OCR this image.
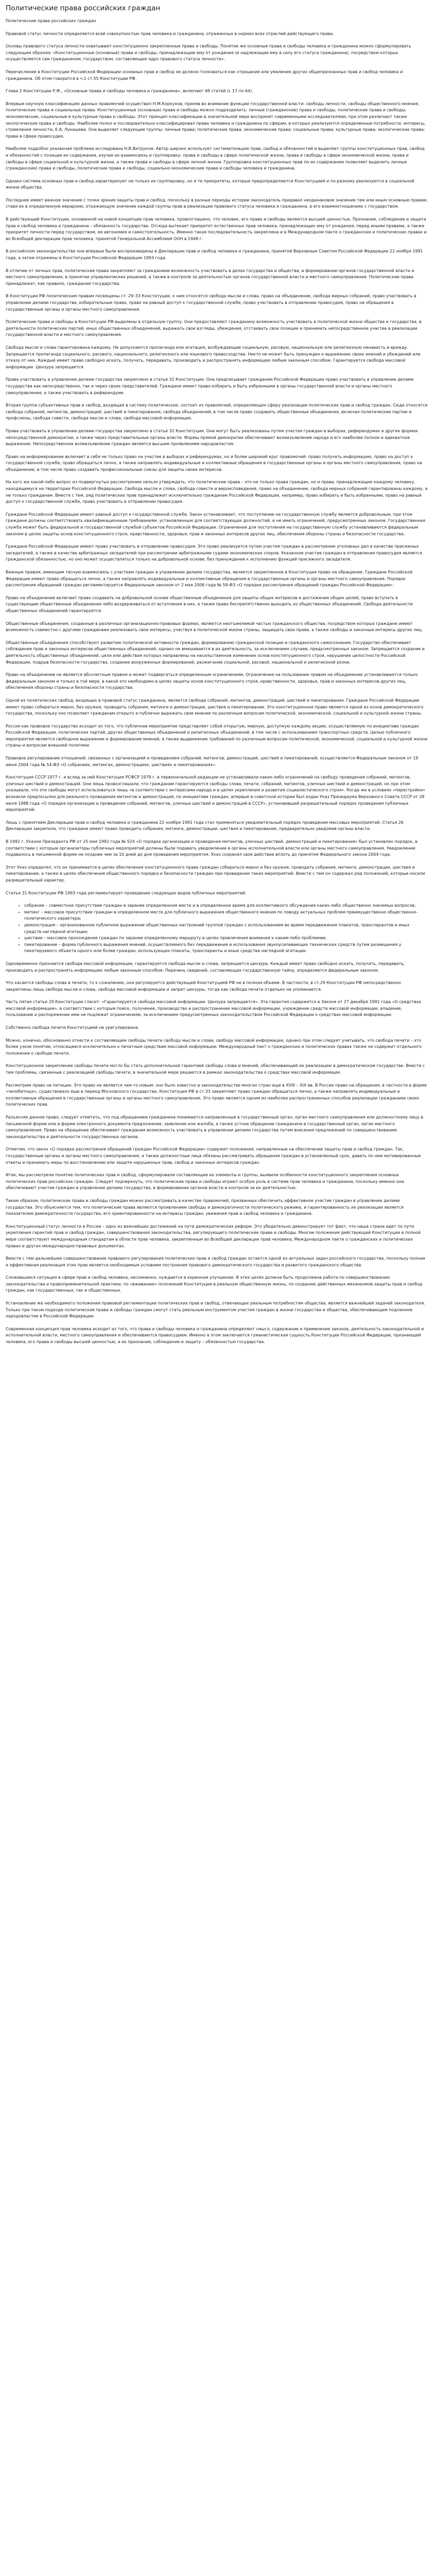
Политические права российских граждан

Политические права российских граждан

Правовой статус личности определяется всей совокупностью прав человека и гражданина, отраженных в нормах всех отраслей действующего права.

Основы правового статуса личности охватывают конституционно закрепленные права и свободы. Понятие же основные права и свободы человека и гражданина можно сформулировать следующим образом: «Конституционные (основные) права и свободы, принадлежащие ему от рождения (и надлежащие ему в силу его статуса гражданина), посредством которых осуществляется сам гражданином, государством, составляющие ядро правового статуса личности».

Перечисление в Конституции Российской Федерации основных прав и свобод не должно толковаться как отрицание или умаление других общепризнанных прав и свобод человека и гражданина. Об этом говорится в ч.1 ст.55 Конституции РФ.

Глава 2 Конституции Р.Ф., «Основные права и свободы человека и гражданина», включает 48 статей (с 17 по 64).

Впервые научную классификацию данных правомочий осуществил Н.М.Коркунов, приняв во внимание функции государственной власти: свободы личности, свободы общественного мнения, политические права и социальные права. Конституционные (основные) права и свободы можно подразделить: личные (гражданские) права и свободы; политические права и свободы; экономические, социальные и культурные права и свободы. Этот принцип классификации в значительной мере воспринят современными исследователями; при этом различают также экологические права и свободы. Наиболее полно и последовательно классифицировал права человека и гражданина по сферам, в которых реализуются определенные потребности, интересы, стремления личности, Е.А. Лукашева. Она выделяет следующие группы: личные права; политические права; экономические права; социальные права; культурные права; экологические права; права в сфере правосудия.

Наиболее подробно указанная проблема исследована Н.В.Витруком. Автор широко использует систематизацию прав, свобод и обязанностей и выделяет группы конституционных прав, свобод и обязанностей с позиции их содержания, изучая их взаимосвязь и группировку: права и свободы в сфере политической жизни, права и свободы в сфере экономической жизни, права и свободы в сфере социальной и культурной жизни, а также права и свободы в сфере личной жизни. Группировка конституционных прав по их содержанию позволяет выделить личные (гражданские) права и свободы, политические права и свободы, социально-экономические права и свободы человека и гражданина.

Однако система основных прав и свобод характеризует не только их группировку, но и те приоритеты, которые предопределяются Конституцией и по-разному реализуются в социальной жизни общества.

Последнее имеет важное значение с точки зрения защиты прав и свобод, поскольку в разные периоды истории законодатель придавал неодинаковое значение тем или иным основным правам, ставя их в определенную иерархию, отражающую значение каждой группы прав в реализации правового статуса человека и гражданина, в его взаимоотношениях с государством.

В действующей Конституции, основанной на новой концепции прав человека, провозглашено, что человек, его права и свободы являются высшей ценностью. Признание, соблюдение и защита прав и свобод человека и гражданина – обязанность государства. Отсюда вытекает приоритет естественных прав человека, принадлежащих ему от рождения, перед иными правами, а также приоритет личности перед государством, ее автономия и самостоятельность. Именно такая последовательность закреплена и в Международном пакте о гражданских и политических правах и во Всеобщей декларации прав человека, принятой Генеральной Ассамблеей ООН в 1948 г.

В российском законодательстве они впервые были воспроизведены в Декларации прав и свобод человека и гражданина, принятой Верховным Советом Российской Федерации 22 ноября 1991 года, а затем отражены в Конституции Российской Федерации 1993 года.

В отличие от личных прав, политические права закрепляют за гражданами возможность участвовать в делах государства и общества, в формировании органов государственной власти и местного самоуправления, в принятии управленческих решений, а также в контроле за деятельностью органов государственной власти и местного самоуправления. Политические права принадлежат, как правило, гражданам государства.

В Конституции РФ политическим правам посвящены ст. 29–33 Конституции, к ним относятся свобода мысли и слова, право на объединение, свобода мирных собраний, право участвовать в управлении делами государства, избирательные права, право на равный доступ к государственной службе, право участвовать в отправлении правосудия, право на обращения в государственные органы и органы местного самоуправления.

Политические права и свободы в Конституции РФ выделены в отдельную группу. Они предоставляют гражданину возможность участвовать в политической жизни общества и государства, в деятельности политических партий, иных общественных объединений, выражать свои взгляды, убеждения, отстаивать свои позиции и принимать непосредственное участие в реализации государственной власти и местного самоуправления.

Свобода мысли и слова гарантирована каждому. Не допускаются пропаганда или агитация, возбуждающие социальную, расовую, национальную или религиозную ненависть и вражду. Запрещается пропаганда социального, расового, национального, религиозного или языкового превосходства. Никто не может быть принужден к выражению своих мнений и убеждений или отказу от них. Каждый имеет право свободно искать, получать, передавать, производить и распространять информацию любым законным способом. Гарантируется свобода массовой информации. Цензура запрещается.

Права участвовать в управлении делами государства закреплено в статье 32 Конституции. Она предписывает гражданам Российской Федерации право участвовать в управлении делами государства как непосредственно, так и через своих представителей. Граждане имеют право избирать и быть избранными в органы государственной власти и органы местного самоуправления, а также участвовать в референдуме.

Вторая группа субъективных прав и свобод, входящая в систему политических, состоит из правомочий, определяющих сферу реализации политических прав и свобод граждан. Сюда относятся свобода собраний, митингов, демонстраций, шествий и пикетирования, свобода объединений, в том числе право создавать общественные объединения, включая политические партии и профсоюзы, свобода совести, свобода мысли и слова, свобода массовой информации.

Права участвовать в управлении делами государства закреплено в статье 32 Конституции. Они могут быть реализованы путем участия граждан в выборах, референдумах и других формах непосредственной демократии, а также через представительные органы власти. Формы прямой демократии обеспечивают волеизъявление народа и его наиболее полное и адекватное выражение. Непосредственное волеизъявление граждан является высшим проявлением народовластия.

Право на информирование включает в себя не только право на участие в выборах и референдумах, но и более широкий круг правомочий: право получать информацию, право на доступ к государственной службе, право обращаться лично, а также направлять индивидуальные и коллективные обращения в государственные органы и органы местного самоуправления, право на объединение, в том числе право создавать профессиональные союзы для защиты своих интересов.

На кого же какой-либо вопрос из подвергнутых рассмотрению нельзя утверждать, что политические права – это не только права граждан, но и права, принадлежащие каждому человеку, находящемуся на территории Российской Федерации. Свобода мысли и слова, свобода совести и вероисповедания, право на объединение, свобода мирных собраний гарантированы каждому, а не только гражданам. Вместе с тем, ряд политических прав принадлежит исключительно гражданам Российской Федерации, например, право избирать и быть избранными, право на равный доступ к государственной службе, право участвовать в отправлении правосудия.

Граждане Российской Федерации имеют равный доступ к государственной службе. Закон устанавливает, что поступление на государственную службу является добровольным, при этом граждане должны соответствовать квалификационным требованиям, установленным для соответствующих должностей, и не иметь ограничений, предусмотренных законом. Государственная служба может быть федеральной и государственной службой субъектов Российской Федерации. Ограничения для поступления на государственную службу устанавливаются федеральным законом в целях защиты основ конституционного строя, нравственности, здоровья, прав и законных интересов других лиц, обеспечения обороны страны и безопасности государства.

Граждане Российской Федерации имеют право участвовать в отправлении правосудия. Это право реализуется путем участия граждан в рассмотрении уголовных дел в качестве присяжных заседателей, а также в качестве арбитражных заседателей при рассмотрении арбитражными судами экономических споров. Указанное участие граждан в отправлении правосудия является гражданской обязанностью, но оно может осуществляться только на добровольной основе, без принуждения к исполнению функций присяжного заседателя.

Важным правом, имеющим тесную взаимосвязь с участием граждан в управлении делами государства, является закрепленное в Конституции право на обращение. Граждане Российской Федерации имеют право обращаться лично, а также направлять индивидуальные и коллективные обращения в государственные органы и органы местного самоуправления. Порядок рассмотрения обращений граждан регламентируется Федеральным законом от 2 мая 2006 года № 59-ФЗ «О порядке рассмотрения обращений граждан Российской Федерации».

Право на объединение включает право создавать на добровольной основе общественные объединения для защиты общих интересов и достижения общих целей, право вступать в существующие общественные объединения либо воздерживаться от вступления в них, а также право беспрепятственно выходить из общественных объединений. Свобода деятельности общественных объединений гарантируется.

Общественные объединения, созданные в различных организационно-правовых формах, являются неотъемлемой частью гражданского общества, посредством которых граждане имеют возможность совместно с другими гражданами реализовать свои интересы, участвуя в политической жизни страны, защищать свои права, а также свободы и законные интересы других лиц.

Общественные объединения способствуют развитию политической активности граждан, формированию гражданской позиции и гражданского самосознания. Государство обеспечивает соблюдение прав и законных интересов общественных объединений, однако не вмешивается в их деятельность, за исключением случаев, предусмотренных законом. Запрещается создание и деятельность общественных объединений, цели или действия которых направлены на насильственное изменение основ конституционного строя, нарушение целостности Российской Федерации, подрыв безопасности государства, создание вооруженных формирований, разжигание социальной, расовой, национальной и религиозной розни.

Право на объединение не является абсолютным правом и может подвергаться определенным ограничениям. Ограничения на пользование правом на объединение устанавливаются только федеральным законом и только в той мере, в какой это необходимо в целях защиты основ конституционного строя, нравственности, здоровья, прав и законных интересов других лиц, обеспечения обороны страны и безопасности государства.

Одной из политических свобод, входящих в правовой статус гражданина, является свобода собраний, митингов, демонстраций, шествий и пикетирования. Граждане Российской Федерации имеют право собираться мирно, без оружия, проводить собрания, митинги и демонстрации, шествия и пикетирование. Это конституционное право является одной из основ демократического государства, поскольку оно позволяет гражданам открыто и публично выражать свое мнение по различным вопросам политической, экономической, социальной и культурной жизни страны.

Россия как правовое государство исходит из того, что публичное мероприятие представляет собой открытую, мирную, доступную каждому акцию, осуществляемую по инициативе граждан Российской Федерации, политических партий, других общественных объединений и религиозных объединений, в том числе с использованием транспортных средств. Целью публичного мероприятия является свободное выражение и формирование мнений, а также выдвижение требований по различным вопросам политической, экономической, социальной и культурной жизни страны и вопросам внешней политики.

Правовое регулирование отношений, связанных с организацией и проведением собраний, митингов, демонстраций, шествий и пикетирований, осуществляется Федеральным законом от 19 июня 2004 года № 54-ФЗ «О собраниях, митингах, демонстрациях, шествиях и пикетированиях».

Конституция СССР 1977 г. и вслед за ней Конституция РСФСР 1978 г. в первоначальной редакции не устанавливали каких-либо ограничений на свободу проведения собраний, митингов, уличных шествий и демонстраций. Они лишь провозглашали, что гражданам гарантируются свободы слова, печати, собраний, митингов, уличных шествий и демонстраций, но при этом указывали, что эти свободы могут использоваться лишь «в соответствии с интересами народа и в целях укрепления и развития социалистического строя». Когда же в условиях «перестройки» возникли предпосылки для реального проведения митингов и демонстраций, по инициативе граждан, впервые в советской истории был издан Указ Президиума Верховного Совета СССР от 28 июля 1988 года «О порядке организации и проведения собраний, митингов, уличных шествий и демонстраций в СССР», установивший разрешительный порядок проведения публичных мероприятий.

Лишь с принятием Декларации прав и свобод человека и гражданина 22 ноября 1991 года стал применяться уведомительный порядок проведения массовых мероприятий. Статья 26 Декларации закрепила, что граждане имеют право проводить собрания, митинги, демонстрации, шествия и пикетирование, предварительно уведомив органы власти.

В 1992 г. Указом Президента РФ от 25 мая 1992 года № 524 «О порядке организации и проведения митингов, уличных шествий, демонстраций и пикетирования» был установлен порядок, в соответствии с которым организаторы публичных мероприятий должны были подавать уведомление в органы исполнительной власти или органы местного самоуправления. Уведомление подавалось в письменной форме не позднее чем за 10 дней до дня проведения мероприятия. Указ сохранял свое действие вплоть до принятия Федерального закона 2004 года.

Этот Указ определял, что он принимается в целях обеспечения конституционного права граждан собираться мирно и без оружия, проводить собрания, митинги, демонстрации, шествия и пикетирование, а также в целях обеспечения общественного порядка и безопасности граждан при проведении таких мероприятий. Вместе с тем он содержал ряд положений, которые носили разрешительный характер.

Статья 31 Конституции РФ 1993 года регламентирует проведение следующих видов публичных мероприятий:

• собрание – совместное присутствие граждан в заранее определенном месте и в определенное время для коллективного обсуждения каких-либо общественно значимых вопросов;
• митинг – массовое присутствие граждан в определенном месте для публичного выражения общественного мнения по поводу актуальных проблем преимущественно общественно-политического характера;
• демонстрация – организованное публичное выражение общественных настроений группой граждан с использованием во время передвижения плакатов, транспарантов и иных средств наглядной агитации;
• шествие – массовое прохождение граждан по заранее определенному маршруту в целях привлечения внимания к каким-либо проблемам;
• пикетирование – форма публичного выражения мнений, осуществляемого без передвижения и использования звукоусиливающих технических средств путем размещения у пикетируемого объекта одного или более граждан, использующих плакаты, транспаранты и иные средства наглядной агитации.

Одновременно признается свобода массовой информации, гарантируется свобода мысли и слова, запрещается цензура. Каждый имеет право свободно искать, получать, передавать, производить и распространять информацию любым законным способом. Перечень сведений, составляющих государственную тайну, определяется федеральным законом.

Что касается свободы слова в печати, то к сожалению, она регулируется действующей Конституцией РФ не в полном объеме. В частности, в ст.29 Конституции РФ непосредственно закреплены лишь свобода мысли и слова, свобода массовой информации и запрет цензуры, тогда как свобода печати отдельно не упоминается.

Часть пятая статьи 29 Конституции гласит: «Гарантируется свобода массовой информации. Цензура запрещается». Эта гарантия содержится в Законе от 27 декабря 1991 года «О средствах массовой информации», в соответствии с которым поиск, получение, производство и распространение массовой информации, учреждение средств массовой информации, владение, пользование и распоряжение ими не подлежат ограничениям, за исключением предусмотренных законодательством Российской Федерации о средствах массовой информации.

Собственно свобода печати Конституцией не урегулирована.

Можно, конечно, обоснованно отнести к составляющим свободы печати свободу мысли и слова, свободу массовой информации, однако при этом следует учитывать, что свобода печати – это более узкое понятие, относящееся исключительно к печатным средствам массовой информации. Международный пакт о гражданских и политических правах также не содержит отдельного положения о свободе печати.

Конституционное закрепление свободы печати могло бы стать дополнительной гарантией свободы слова и мнений, обеспечивающей их реализацию в демократическом государстве. Вместе с тем проблемы, связанные с реализацией свободы печати, в значительной мере решаются в рамках законодательства о средствах массовой информации.

Рассмотрим право на петиции. Это право не является чем-то новым: оно было известно в законодательстве многих стран еще в XVIII – XIX вв. В России право на обращения, в частности в форме «челобитных», существовало еще в период Московского государства. Конституция РФ в ст.33 закрепляет право граждан обращаться лично, а также направлять индивидуальные и коллективные обращения в государственные органы и органы местного самоуправления. Это право является одним из наиболее распространенных способов реализации гражданами своих политических прав.

Разъясняя данное право, следует отметить, что под обращением гражданина понимаются направленные в государственный орган, орган местного самоуправления или должностному лицу в письменной форме или в форме электронного документа предложение, заявление или жалоба, а также устное обращение гражданина в государственный орган, орган местного самоуправления. Право на обращение обеспечивает гражданам возможность участвовать в управлении делами государства путем внесения предложений по совершенствованию законодательства и деятельности государственных органов.

Отметим, что закон «О порядке рассмотрения обращений граждан Российской Федерации» содержит положения, направленные на обеспечение защиты прав и свобод граждан. Так, государственные органы и органы местного самоуправления, а также должностные лица обязаны рассматривать обращения граждан в установленный срок, давать по ним мотивированные ответы и принимать меры по восстановлению или защите нарушенных прав, свобод и законных интересов граждан.

Итак, мы рассмотрели понятие политических прав и свобод, сформулировали составляющие их элементы и группы, выявили особенности конституционного закрепления основных политических прав российских граждан. Следует подчеркнуть, что политические права и свободы играют особую роль в системе прав человека и гражданина, поскольку именно они обеспечивают участие граждан в управлении делами государства, в формировании органов власти и контроле за их деятельностью.

Таким образом, политические права и свободы граждан можно рассматривать в качестве правомочий, призванных обеспечить эффективное участие граждан в управлении делами государства. Это объясняется тем, что политические права являются проявлением свободы и демократичности политического режима, и гарантированность их реализации является показателем демократичности государства, его ориентированности на интересы граждан, уважения прав и свобод человека и гражданина.

Конституционный статус личности в России – одно из важнейших достижений на пути демократических реформ. Это убедительно демонстрирует тот факт, что наша страна идет по пути укрепления гарантий прав и свобод граждан, совершенствования законодательства, регулирующего политические права и свободы. Многие положения действующей Конституции в полной мере соответствуют международным стандартам в области прав человека, закрепленным во Всеобщей декларации прав человека, Международном пакте о гражданских и политических правах и других международно-правовых документах.

Вместе с тем дальнейшее совершенствование правового регулирования политических прав и свобод граждан остается одной из актуальных задач российского государства, поскольку полная и эффективная реализация этих прав является необходимым условием построения правового демократического государства и развитого гражданского общества.

Сложившаяся ситуация в сфере прав и свобод человека, несомненно, нуждается в коренном улучшении. В этих целях должна быть продолжена работа по совершенствованию законодательства и правоприменительной практики, по «вживанию» положений Конституции в реальную общественную жизнь, по созданию действенных механизмов защиты прав и свобод граждан, как государственных, так и общественных.

Установление же необходимого положения правовой регламентации политических прав и свобод, отвечающих реальным потребностям общества, является важнейшей задачей законодателя. Только при таком подходе политические права и свободы граждан смогут стать реальным инструментом участия граждан в жизни государства и общества, обеспечивающим подлинное народовластие в Российской Федерации.

Современная концепция прав человека исходит из того, что права и свободы человека и гражданина определяют смысл, содержание и применение законов, деятельность законодательной и исполнительной власти, местного самоуправления и обеспечиваются правосудием. Именно в этом заключается гуманистическая сущность Конституции Российской Федерации, признающей человека, его права и свободы высшей ценностью, а их признание, соблюдение и защиту – обязанностью государства.
